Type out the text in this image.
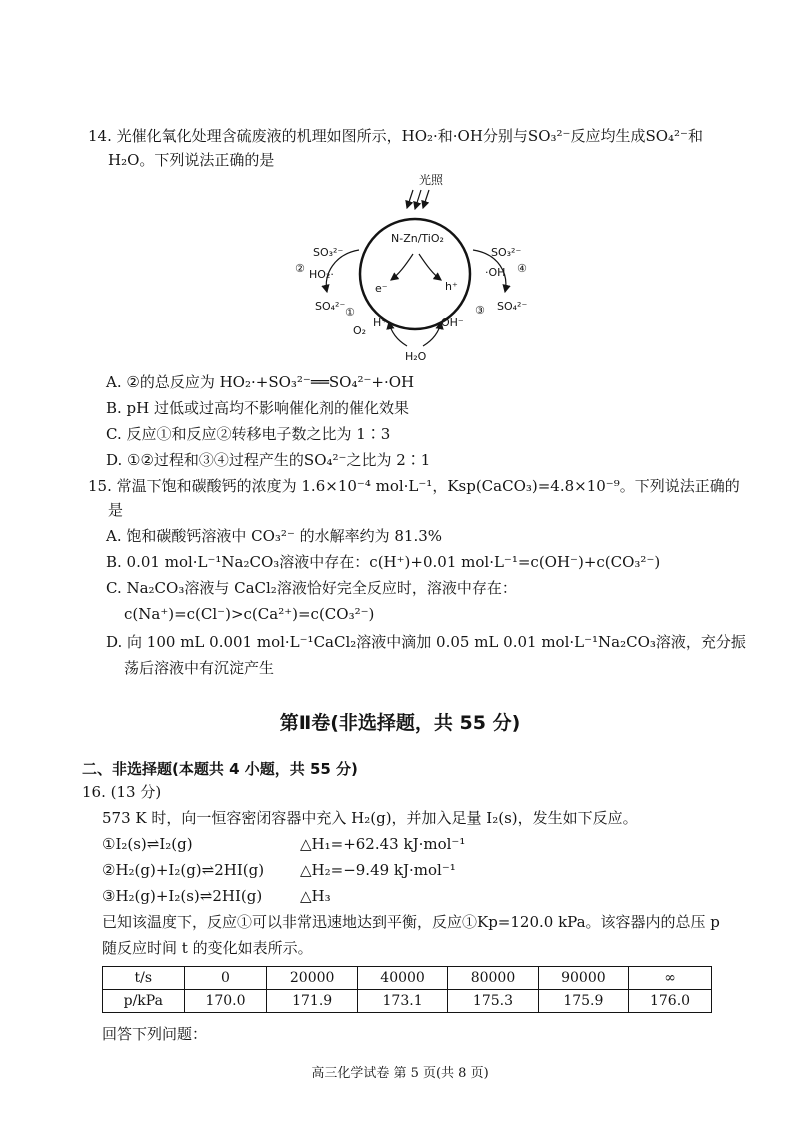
14. 光催化氧化处理含硫废液的机理如图所示，HO₂·和·OH分别与SO₃²⁻反应均生成SO₄²⁻和
H₂O。下列说法正确的是
光照
N-Zn/TiO₂
e⁻	h⁺
SO₃²⁻
② HO₂·
SO₄²⁻ ①
H⁺
O₂
SO₃²⁻
·OH ④
SO₄²⁻
③
OH⁻
H₂O
A. ②的总反应为 HO₂·+SO₃²⁻══SO₄²⁻+·OH
B. pH 过低或过高均不影响催化剂的催化效果
C. 反应①和反应②转移电子数之比为 1∶3
D. ①②过程和③④过程产生的SO₄²⁻之比为 2∶1
15. 常温下饱和碳酸钙的浓度为 1.6×10⁻⁴ mol·L⁻¹，Ksp(CaCO₃)=4.8×10⁻⁹。下列说法正确的
是
A. 饱和碳酸钙溶液中 CO₃²⁻ 的水解率约为 81.3%
B. 0.01 mol·L⁻¹Na₂CO₃溶液中存在：c(H⁺)+0.01 mol·L⁻¹=c(OH⁻)+c(CO₃²⁻)
C. Na₂CO₃溶液与 CaCl₂溶液恰好完全反应时，溶液中存在：
c(Na⁺)=c(Cl⁻)>c(Ca²⁺)=c(CO₃²⁻)
D. 向 100 mL 0.001 mol·L⁻¹CaCl₂溶液中滴加 0.05 mL 0.01 mol·L⁻¹Na₂CO₃溶液，充分振
荡后溶液中有沉淀产生
第Ⅱ卷(非选择题，共 55 分)
二、非选择题(本题共 4 小题，共 55 分)
16. (13 分)
573 K 时，向一恒容密闭容器中充入 H₂(g)，并加入足量 I₂(s)，发生如下反应。
①I₂(s)⇌I₂(g)	△H₁=+62.43 kJ·mol⁻¹
②H₂(g)+I₂(g)⇌2HI(g) △H₂=−9.49 kJ·mol⁻¹
③H₂(g)+I₂(s)⇌2HI(g)	△H₃
已知该温度下，反应①可以非常迅速地达到平衡，反应①Kp=120.0 kPa。该容器内的总压 p
随反应时间 t 的变化如表所示。
t/s	0	20000	40000	80000	90000	∞
p/kPa	170.0	171.9	173.1	175.3	175.9	176.0
回答下列问题：
高三化学试卷 第 5 页(共 8 页)
